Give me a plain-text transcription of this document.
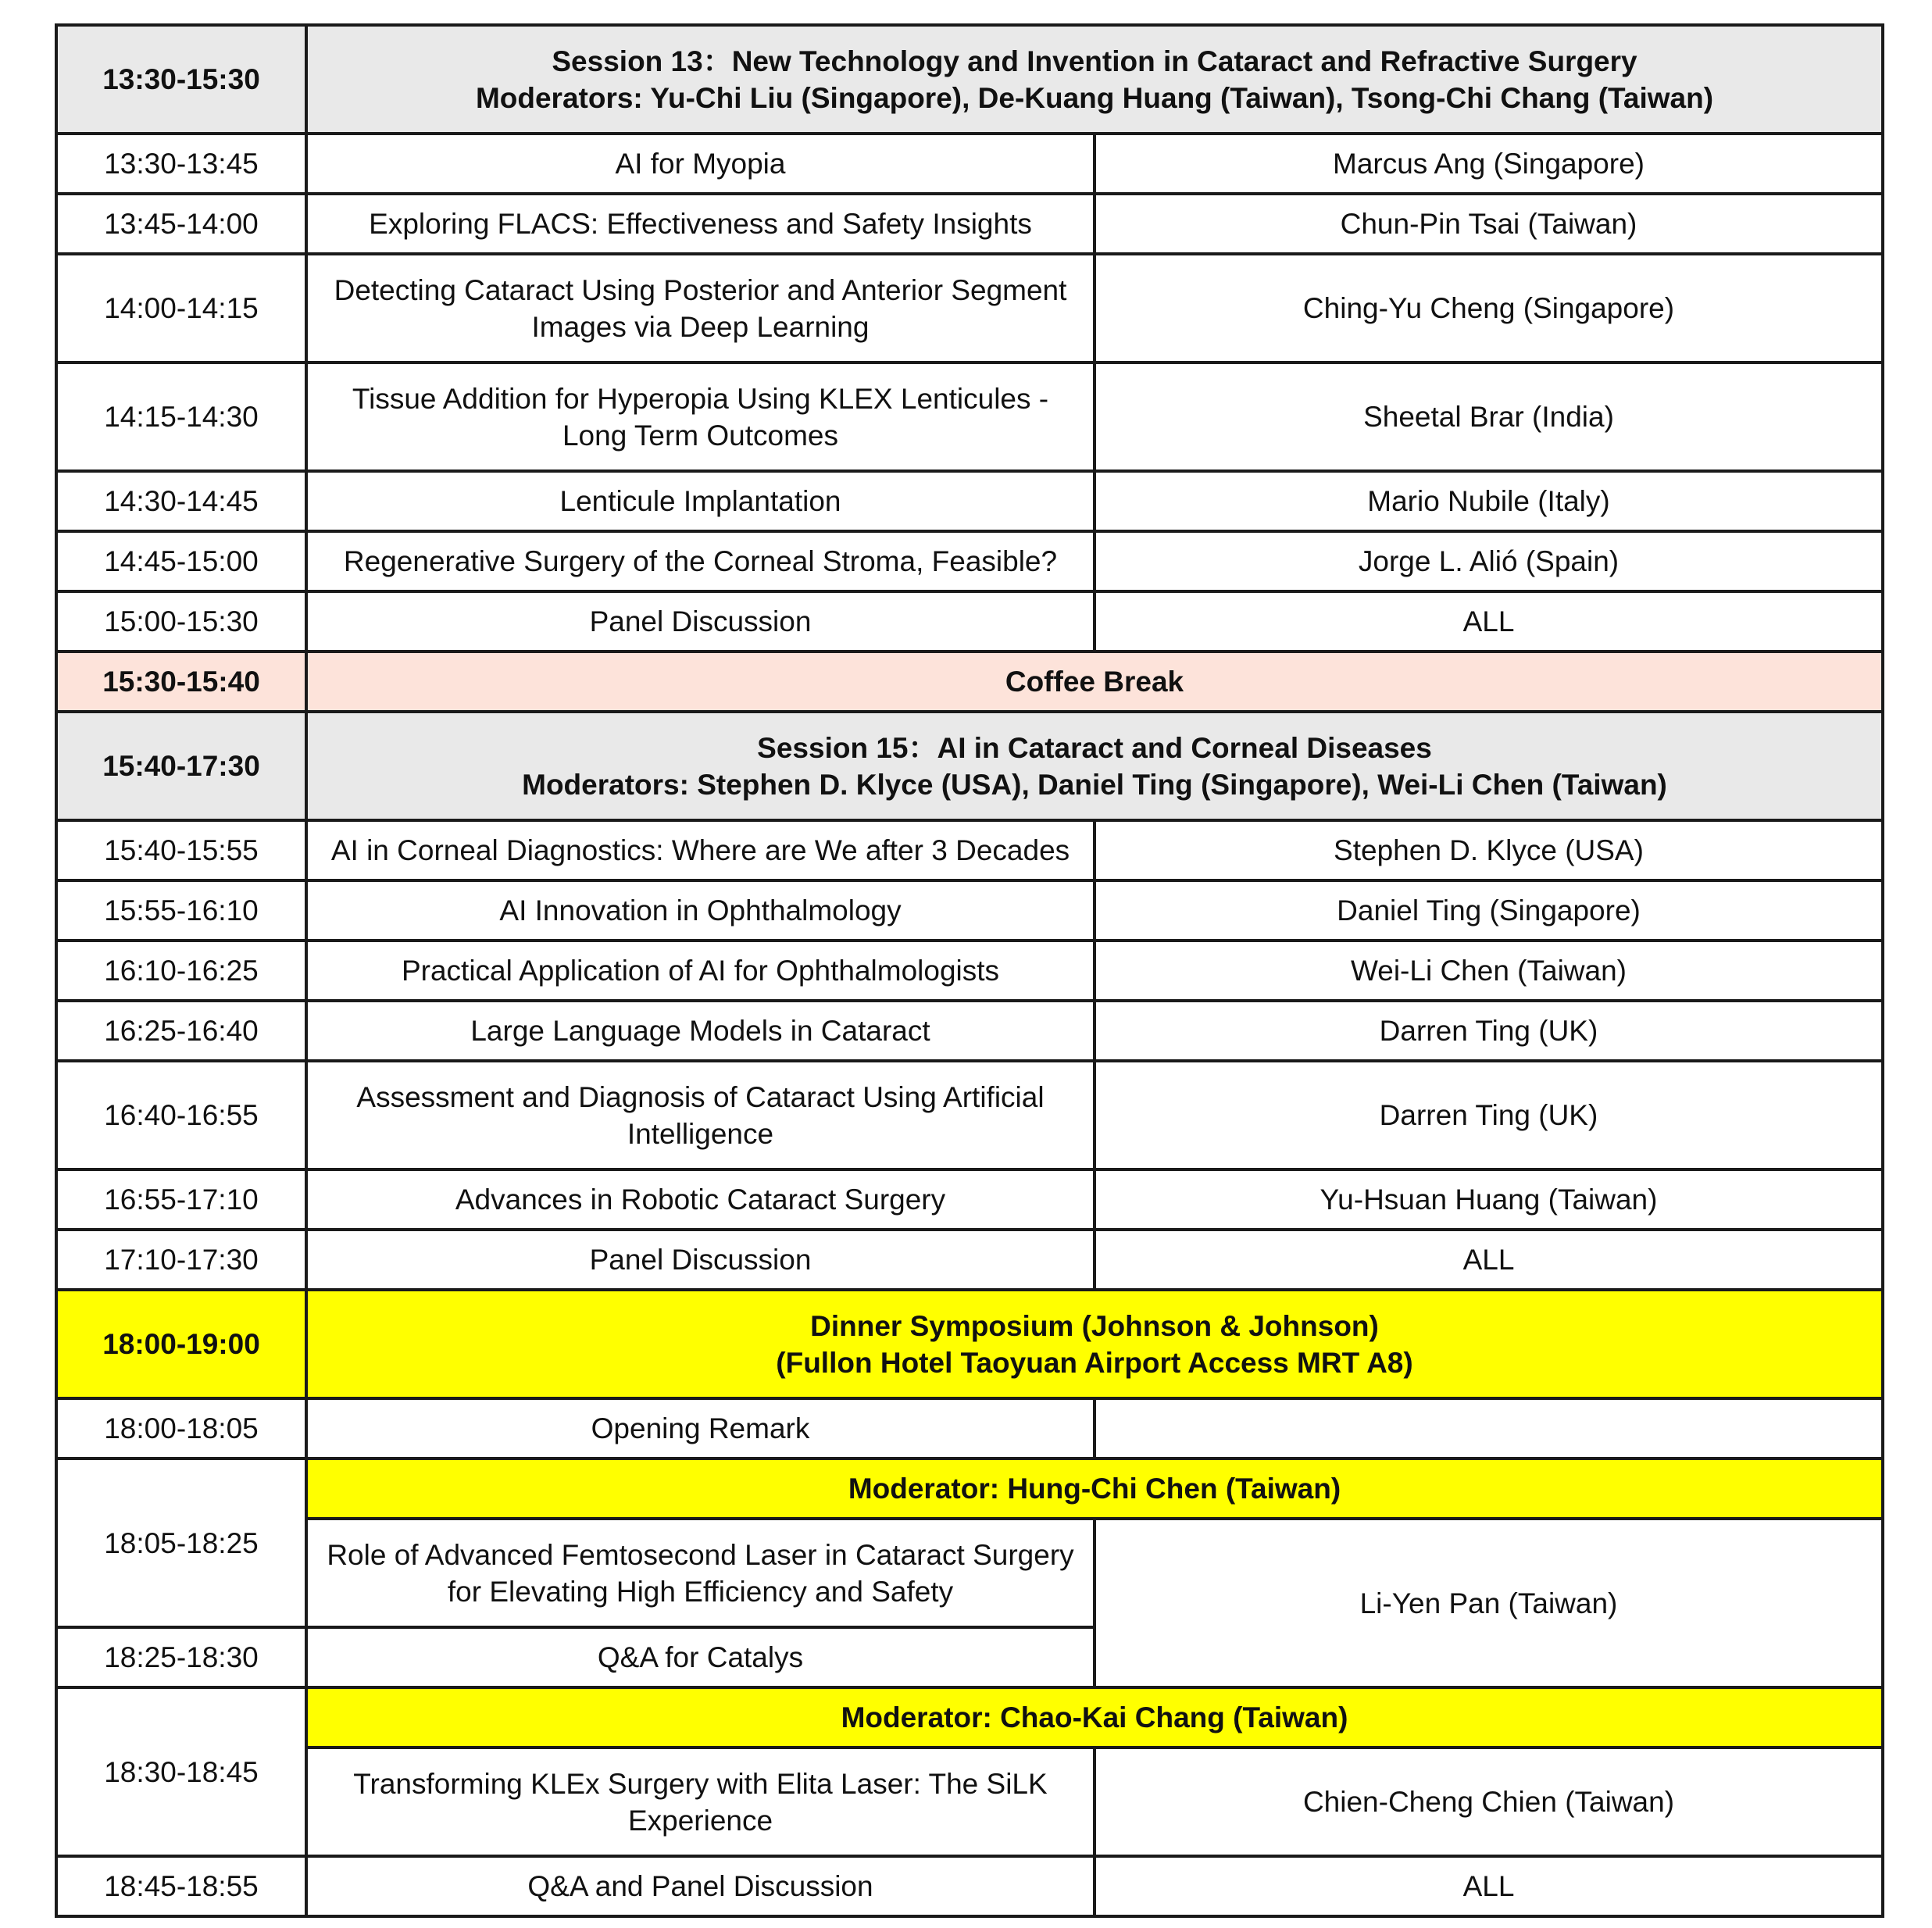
13:30-15:30	Session 13：New Technology and Invention in Cataract and Refractive Surgery
Moderators: Yu-Chi Liu (Singapore), De-Kuang Huang (Taiwan), Tsong-Chi Chang (Taiwan)	

13:30-13:45	AI for Myopia	Marcus Ang (Singapore)
13:45-14:00	Exploring FLACS: Effectiveness and Safety Insights	Chun-Pin Tsai (Taiwan)
14:00-14:15	Detecting Cataract Using Posterior and Anterior Segment
Images via Deep Learning	Ching-Yu Cheng (Singapore)
14:15-14:30	Tissue Addition for Hyperopia Using KLEX Lenticules -
Long Term Outcomes	Sheetal Brar (India)
14:30-14:45	Lenticule Implantation	Mario Nubile (Italy)
14:45-15:00	Regenerative Surgery of the Corneal Stroma, Feasible?	Jorge L. Alió (Spain)
15:00-15:30	Panel Discussion	ALL
15:30-15:40	Coffee Break	
15:40-17:30	Session 15：AI in Cataract and Corneal Diseases
Moderators: Stephen D. Klyce (USA), Daniel Ting (Singapore), Wei-Li Chen (Taiwan)	

15:40-15:55	AI in Corneal Diagnostics: Where are We after 3 Decades	Stephen D. Klyce (USA)
15:55-16:10	AI Innovation in Ophthalmology	Daniel Ting (Singapore)
16:10-16:25	Practical Application of AI for Ophthalmologists	Wei-Li Chen (Taiwan)
16:25-16:40	Large Language Models in Cataract	Darren Ting (UK)
16:40-16:55	Assessment and Diagnosis of Cataract Using Artificial
Intelligence	Darren Ting (UK)
16:55-17:10	Advances in Robotic Cataract Surgery	Yu-Hsuan Huang (Taiwan)
17:10-17:30	Panel Discussion	ALL
18:00-19:00	Dinner Symposium (Johnson & Johnson)
(Fullon Hotel Taoyuan Airport Access MRT A8)	

18:00-18:05	Opening Remark	
18:05-18:25	Moderator: Hung-Chi Chen (Taiwan)	

	Role of Advanced Femtosecond Laser in Cataract Surgery
for Elevating High Efficiency and Safety	Li-Yen Pan (Taiwan)
18:25-18:30	Q&A for Catalys	
18:30-18:45	Moderator: Chao-Kai Chang (Taiwan)	

	Transforming KLEx Surgery with Elita Laser: The SiLK
Experience	Chien-Cheng Chien (Taiwan)
18:45-18:55	Q&A and Panel Discussion	ALL
